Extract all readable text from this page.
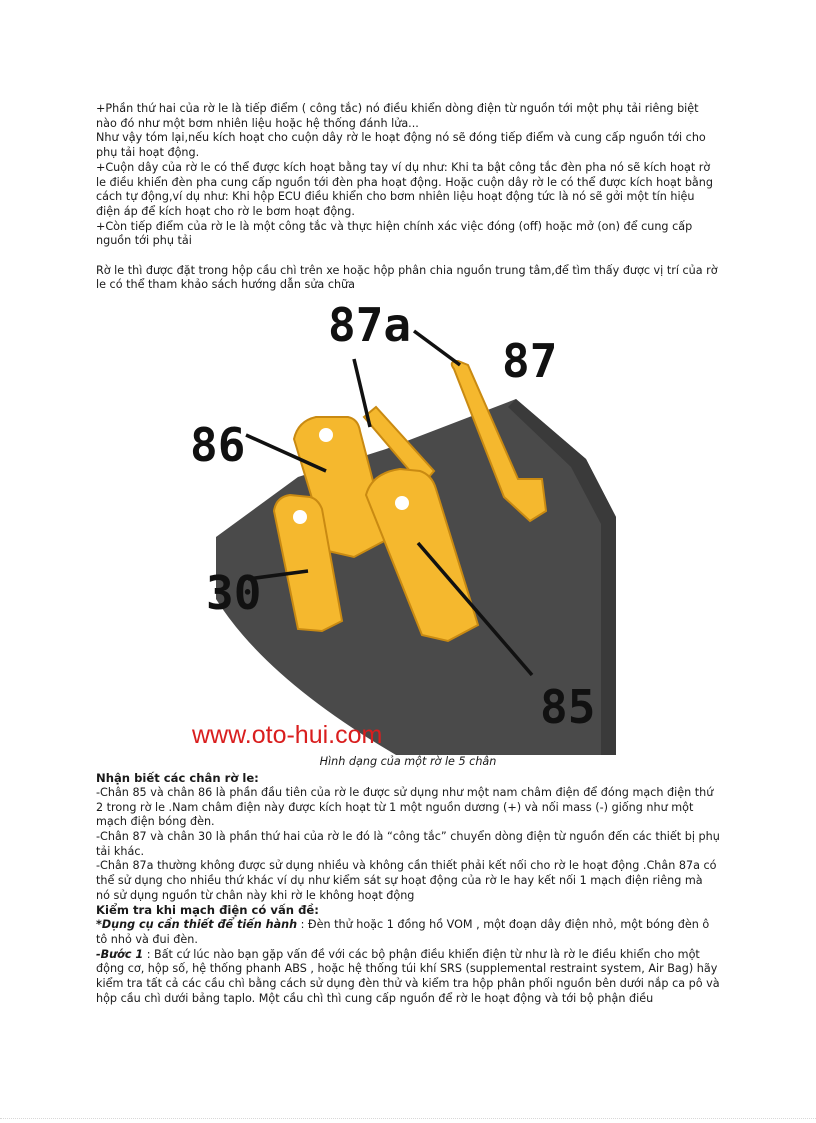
+Phần thứ hai của rờ le là tiếp điểm ( công tắc) nó điều khiển dòng điện từ nguồn tới một phụ tải riêng biệt nào đó như một bơm nhiên liệu hoặc hệ thống đánh lửa...

Như vậy tóm lại,nếu kích hoạt cho cuộn dây rờ le hoạt động nó sẽ đóng tiếp điểm và cung cấp nguồn tới cho phụ tải hoạt động.

+Cuộn dây của rờ le có thể được kích hoạt bằng tay ví dụ như: Khi ta bật công tắc đèn pha nó sẽ kích hoạt rờ le điều khiển đèn pha cung cấp nguồn tới đèn pha hoạt động. Hoặc cuộn dây rờ le có thể được kích hoạt bằng cách tự động,ví dụ như: Khi hộp ECU điều khiển cho bơm nhiên liệu hoạt động tức là nó sẽ gởi một tín hiệu điện áp để kích hoạt cho rờ le bơm hoạt động.

+Còn tiếp điểm của rờ le là một công tắc và thực hiện chính xác việc đóng (off) hoặc mở (on) để cung cấp nguồn tới phụ tải

Rờ le thì được đặt trong hộp cầu chì trên xe hoặc hộp phân chia nguồn trung tâm,để tìm thấy được vị trí của rờ le có thể tham khảo sách hướng dẫn sửa chữa

87a
87
86
30
85
www.oto-hui.com

Hình dạng của một rờ le 5 chân

Nhận biết các chân rờ le:

-Chân 85 và chân 86 là phần đầu tiên của rờ le được sử dụng như một nam châm điện để đóng mạch điện thứ 2 trong rờ le .Nam châm điện này được kích hoạt từ 1 một nguồn dương (+) và nối mass (-) giống như một mạch điện bóng đèn.

-Chân 87 và chân 30 là phần thứ hai của rờ le đó là “công tắc” chuyển dòng điện từ nguồn đến các thiết bị phụ tải khác.

-Chân 87a thường không được sử dụng nhiều và không cần thiết phải kết nối cho rờ le hoạt động .Chân 87a có thể sử dụng cho nhiều thứ khác ví dụ như kiểm sát sự hoạt động của rờ le hay kết nối 1 mạch điện riêng mà nó sử dụng nguồn từ chân này khi rờ le không hoạt động

Kiểm tra khi mạch điện có vấn đề:

*Dụng cụ cần thiết để tiến hành : Đèn thử hoặc 1 đồng hồ VOM , một đoạn dây điện nhỏ, một bóng đèn ô tô nhỏ và đui đèn.

-Bước 1 : Bất cứ lúc nào bạn gặp vấn đề với các bộ phận điều khiển điện từ như là rờ le điều khiển cho một động cơ, hộp số, hệ thống phanh ABS , hoặc hệ thống túi khí SRS (supplemental restraint system, Air Bag) hãy kiểm tra tất cả các cầu chì bằng cách sử dụng đèn thử và kiểm tra hộp phân phối nguồn bên dưới nắp ca pô và hộp cầu chì dưới bảng taplo. Một cầu chì thì cung cấp nguồn để rờ le hoạt động và tới bộ phận điều
